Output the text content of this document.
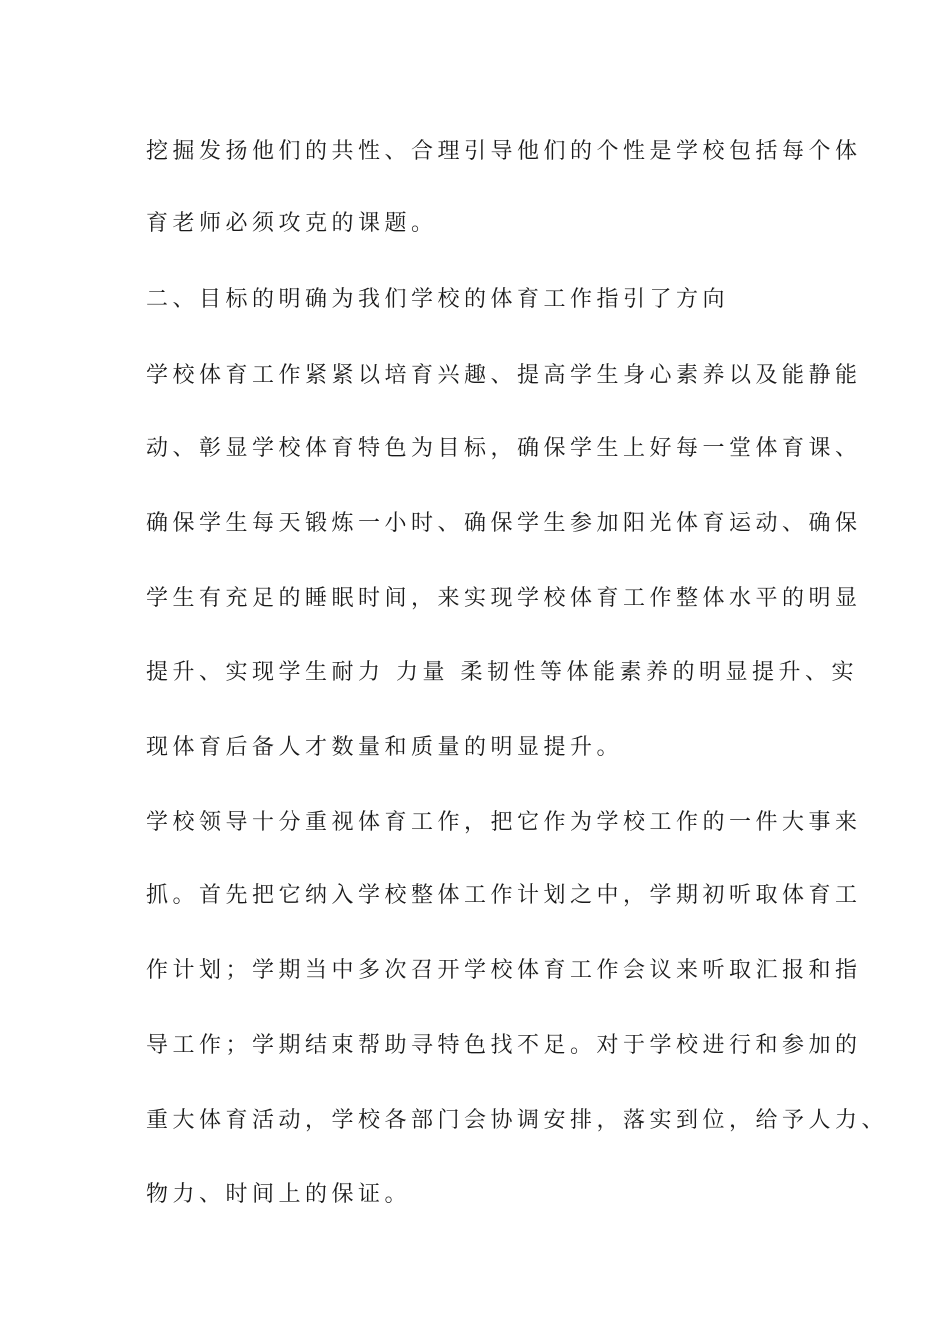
挖掘发扬他们的共性、合理引导他们的个性是学校包括每个体
育老师必须攻克的课题。
二、目标的明确为我们学校的体育工作指引了方向
学校体育工作紧紧以培育兴趣、提高学生身心素养以及能静能
动、彰显学校体育特色为目标，确保学生上好每一堂体育课、
确保学生每天锻炼一小时、确保学生参加阳光体育运动、确保
学生有充足的睡眠时间，来实现学校体育工作整体水平的明显
提升、实现学生耐力 力量 柔韧性等体能素养的明显提升、实
现体育后备人才数量和质量的明显提升。
学校领导十分重视体育工作，把它作为学校工作的一件大事来
抓。首先把它纳入学校整体工作计划之中，学期初听取体育工
作计划；学期当中多次召开学校体育工作会议来听取汇报和指
导工作；学期结束帮助寻特色找不足。对于学校进行和参加的
重大体育活动，学校各部门会协调安排，落实到位，给予人力、
物力、时间上的保证。
